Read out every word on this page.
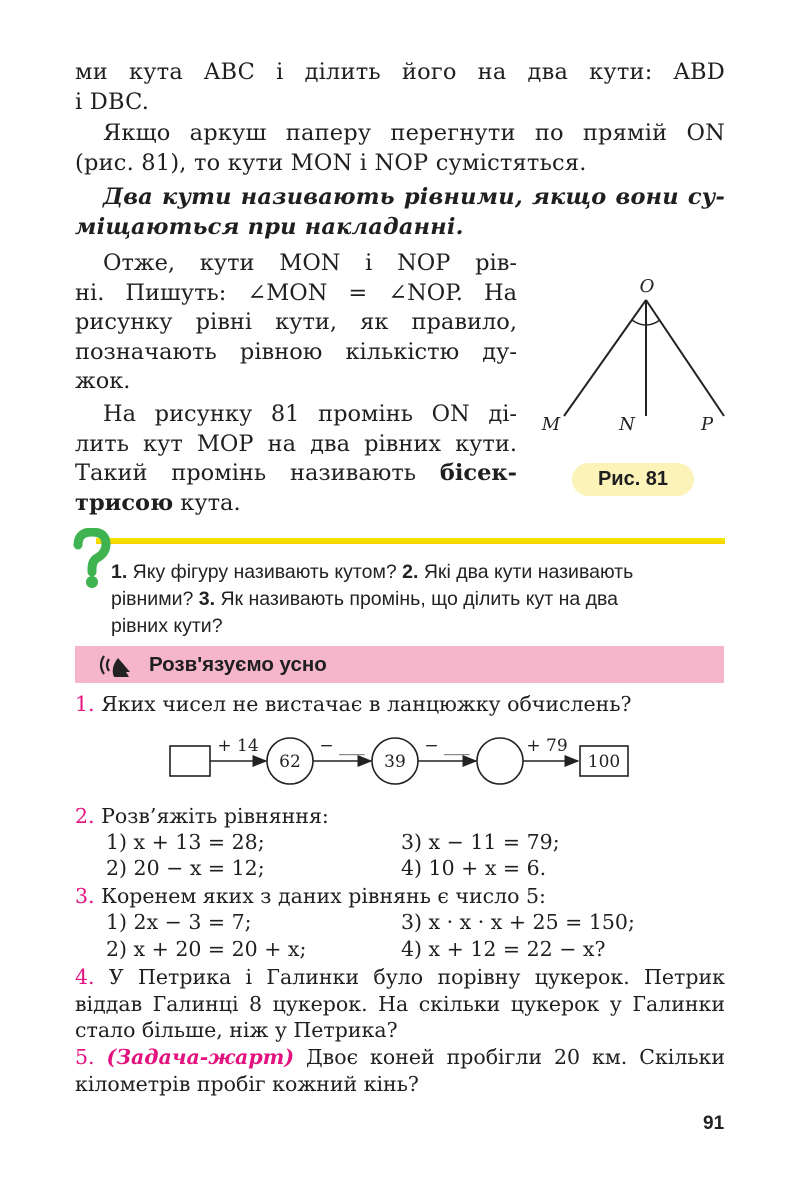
ми кута ABC і ділить його на два кути: ABD
і DBC.
Якщо аркуш паперу перегнути по прямій ON
(рис. 81), то кути MON і NOP сумістяться.
Два кути називають рівними, якщо вони су-
міщаються при накладанні.
Отже, кути MON і NOP рів-
ні. Пишуть: ∠MON = ∠NOP. На
рисунку рівні кути, як правило,
позначають рівною кількістю ду-
жок.
На рисунку 81 промінь ON ді-
лить кут MOP на два рівних кути.
Такий промінь називають бісек-
трисою кута.
O
M	N	P
Рис. 81
1. Яку фігуру називають кутом? 2. Які два кути називають
рівними? 3. Як називають промінь, що ділить кут на два
рівних кути?
Розв'язуємо усно
1. Яких чисел не вистачає в ланцюжку обчислень?
+ 14
62
− ___
39
− ___	+ 79
100
2. Розв’яжіть рівняння:
1) x + 13 = 28;	3) x − 11 = 79;
2) 20 − x = 12;	4) 10 + x = 6.
3. Коренем яких з даних рівнянь є число 5:
1) 2x − 3 = 7;	3) x · x · x + 25 = 150;
2) x + 20 = 20 + x;	4) x + 12 = 22 − x?
4. У Петрика і Галинки було порівну цукерок. Петрик
віддав Галинці 8 цукерок. На скільки цукерок у Галинки
стало більше, ніж у Петрика?
5. (Задача-жарт) Двоє коней пробігли 20 км. Скільки
кілометрів пробіг кожний кінь?
91
